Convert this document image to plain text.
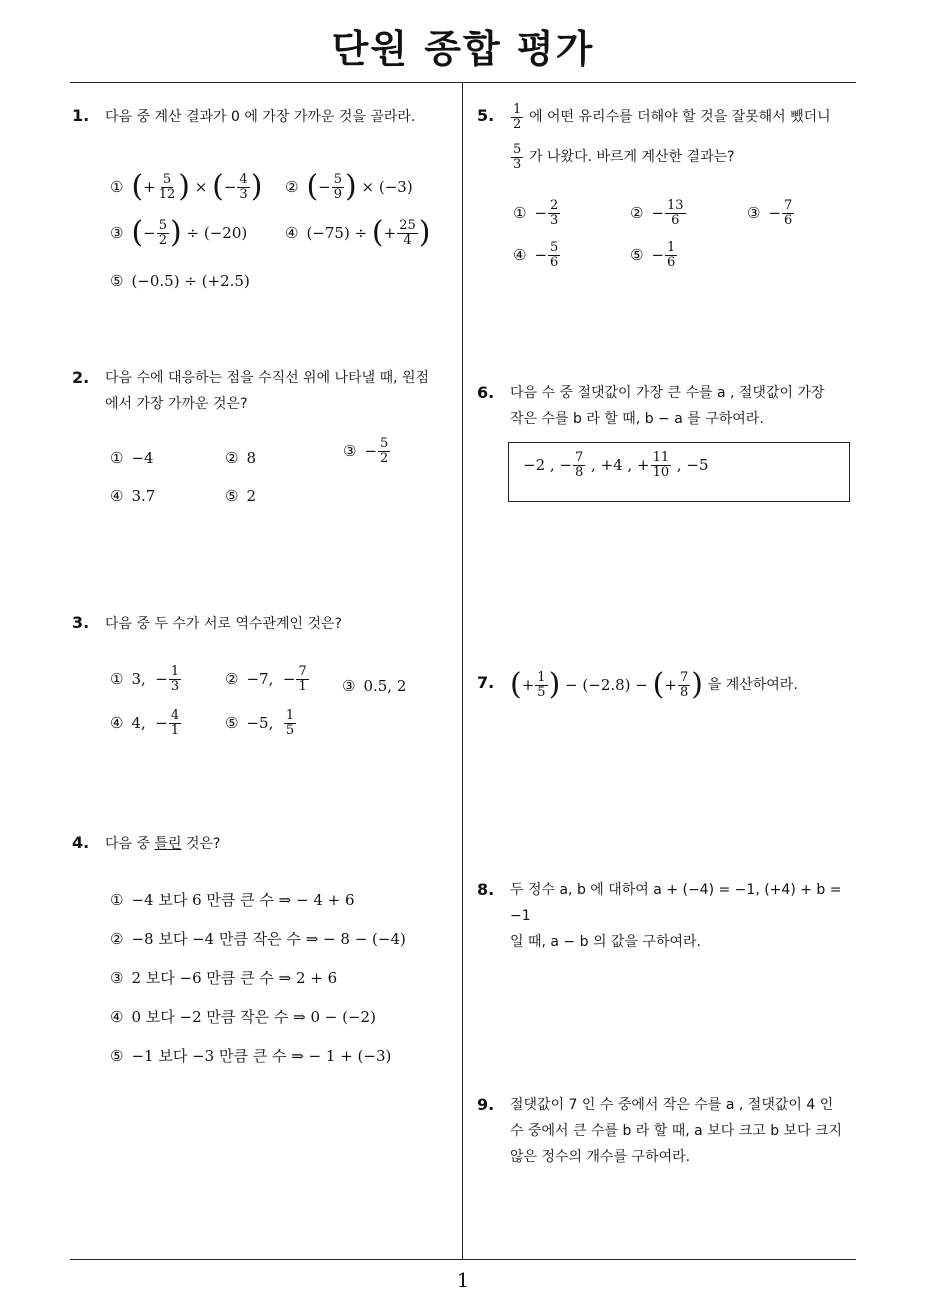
단원 종합 평가
1
1. 다음 중 계산 결과가 0 에 가장 가까운 것을 골라라.
① ( + $\frac{5}{12}$ ) × ( − $\frac{4}{3}$ ) ② ( − $\frac{5}{9}$ ) × (−3)
③ ( − $\frac{5}{2}$ ) ÷ (−20)	④ (−75) ÷ ( + $\frac{25}{4}$ )
⑤ (−0.5) ÷ (+2.5)
2. 다음 수에 대응하는 점을 수직선 위에 나타낼 때, 원점
에서 가장 가까운 것은?
① −4	② 8	③ − $\frac{5}{2}$
④ 3.7	⑤ 2
3. 다음 중 두 수가 서로 역수관계인 것은?
① 3,  − $\frac{1}{3}$	② −7,  − $\frac{7}{1}$ ③ 0.5, 2
④ 4,  − $\frac{4}{1}$	⑤ −5, $\frac{1}{5}$
4. 다음 중 틀린 것은?
① −4 보다 6 만큼 큰 수 ⇒ − 4 + 6
② −8 보다 −4 만큼 작은 수 ⇒ − 8 − (−4)
③ 2 보다 −6 만큼 큰 수 ⇒ 2 + 6
④ 0 보다 −2 만큼 작은 수 ⇒ 0 − (−2)
⑤ −1 보다 −3 만큼 큰 수 ⇒ − 1 + (−3)
5. $\frac{1}{2}$
에 어떤 유리수를 더해야 할 것을 잘못해서 뺐더니
$\frac{5}{3}$
가 나왔다. 바르게 계산한 결과는?
① − $\frac{2}{3}$	② − $\frac{13}{6}$	③ − $\frac{7}{6}$
④ − $\frac{5}{6}$	⑤ − $\frac{1}{6}$
6. 다음 수 중 절댓값이 가장 큰 수를 a , 절댓값이 가장
작은 수를 b 라 할 때, b − a 를 구하여라.
−2 , − $\frac{7}{8}$ , +4 , + $\frac{11}{10}$ , −5
7. ( + $\frac{1}{5}$ ) − (−2.8) − ( + $\frac{7}{8}$ )
을 계산하여라.
8. 두 정수 a, b 에 대하여 a + (−4) = −1, (+4) + b = −1
일 때, a − b 의 값을 구하여라.
9. 절댓값이 7 인 수 중에서 작은 수를 a , 절댓값이 4 인
수 중에서 큰 수를 b 라 할 때, a 보다 크고 b 보다 크지
않은 정수의 개수를 구하여라.
